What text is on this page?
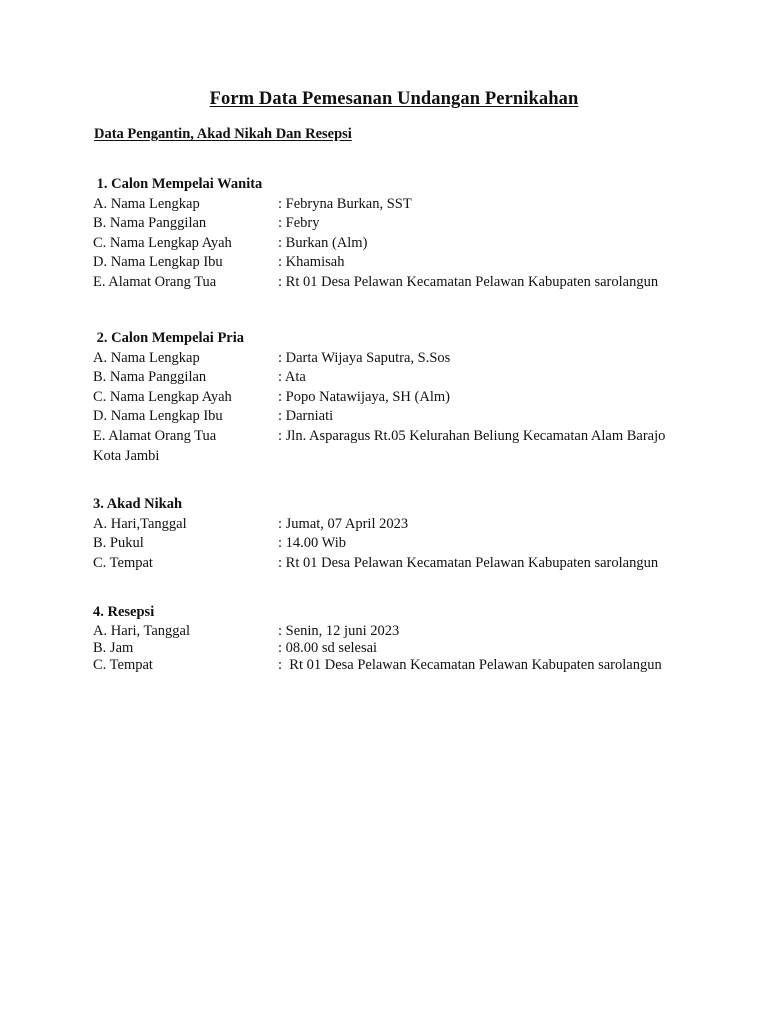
Form Data Pemesanan Undangan Pernikahan
Data Pengantin, Akad Nikah Dan Resepsi
1. Calon Mempelai Wanita
A. Nama Lengkap	: Febryna Burkan, SST
B. Nama Panggilan	: Febry
C. Nama Lengkap Ayah	: Burkan (Alm)
D. Nama Lengkap Ibu	: Khamisah
E. Alamat Orang Tua	: Rt 01 Desa Pelawan Kecamatan Pelawan Kabupaten sarolangun
2. Calon Mempelai Pria
A. Nama Lengkap	: Darta Wijaya Saputra, S.Sos
B. Nama Panggilan	: Ata
C. Nama Lengkap Ayah	: Popo Natawijaya, SH (Alm)
D. Nama Lengkap Ibu	: Darniati
E. Alamat Orang Tua	: Jln. Asparagus Rt.05 Kelurahan Beliung Kecamatan Alam Barajo
Kota Jambi
3. Akad Nikah
A. Hari,Tanggal	: Jumat, 07 April 2023
B. Pukul	: 14.00 Wib
C. Tempat	: Rt 01 Desa Pelawan Kecamatan Pelawan Kabupaten sarolangun
4. Resepsi
A. Hari, Tanggal	: Senin, 12 juni 2023
B. Jam	: 08.00 sd selesai
C. Tempat	:  Rt 01 Desa Pelawan Kecamatan Pelawan Kabupaten sarolangun
